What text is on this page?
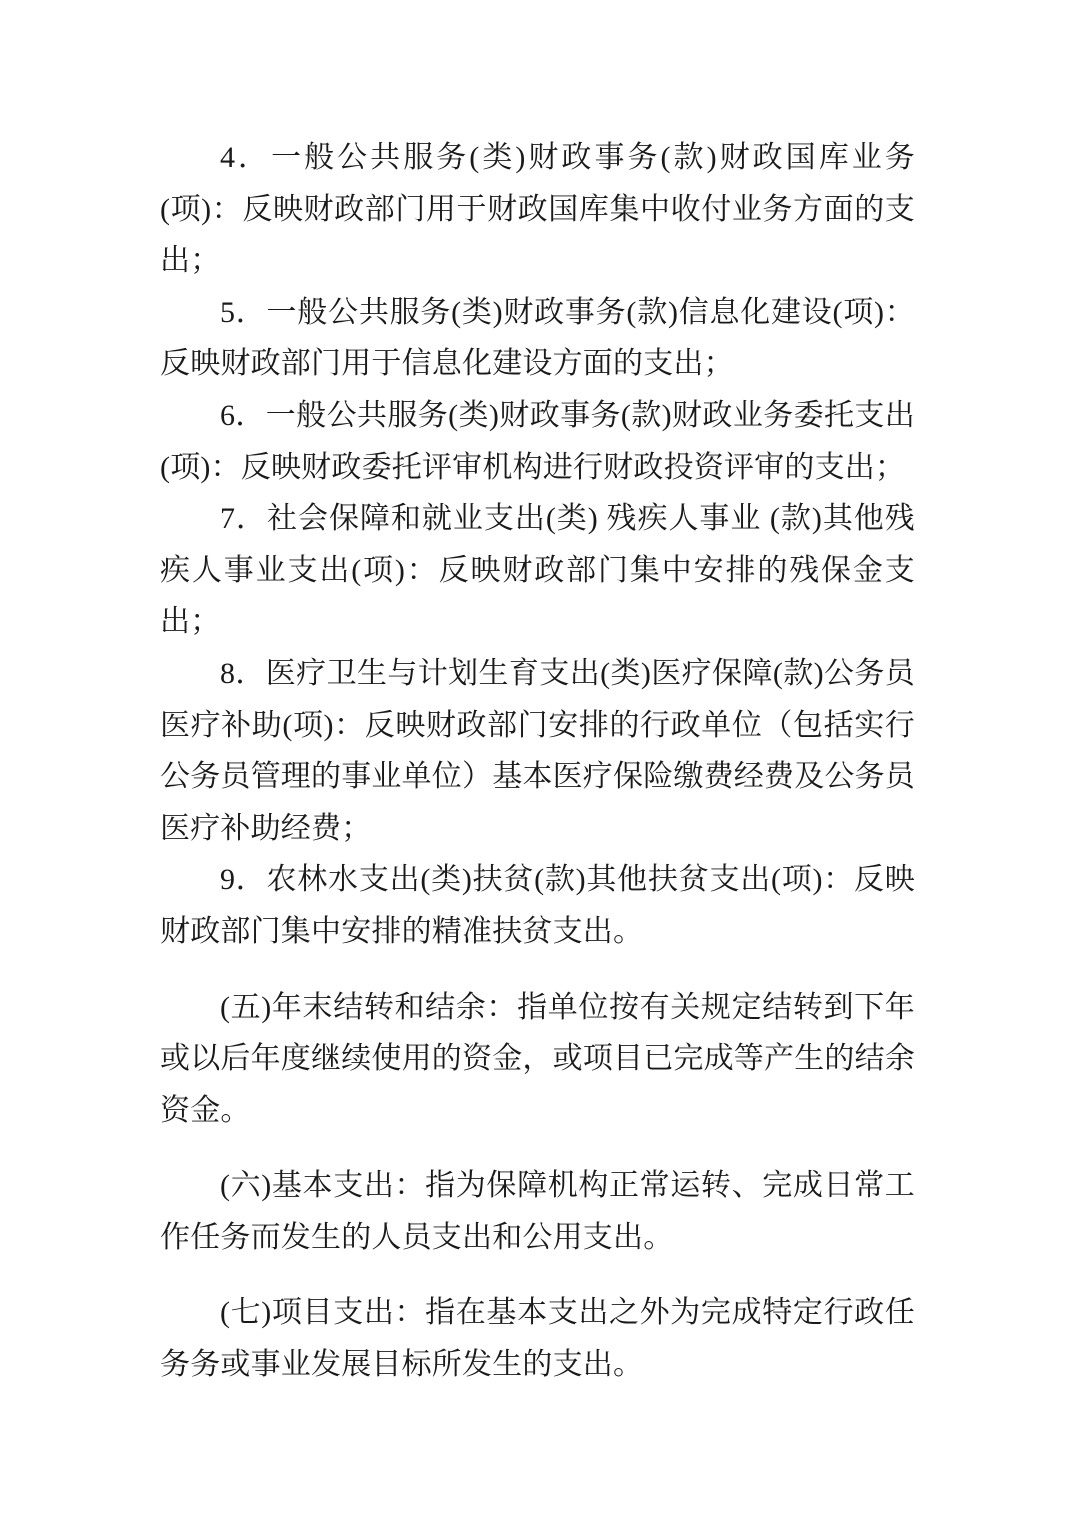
4．一般公共服务(类)财政事务(款)财政国库业务(项)：反映财政部门用于财政国库集中收付业务方面的支出；

5．一般公共服务(类)财政事务(款)信息化建设(项)：反映财政部门用于信息化建设方面的支出；

6．一般公共服务(类)财政事务(款)财政业务委托支出(项)：反映财政委托评审机构进行财政投资评审的支出；

7．社会保障和就业支出(类) 残疾人事业 (款)其他残疾人事业支出(项)：反映财政部门集中安排的残保金支出；

8．医疗卫生与计划生育支出(类)医疗保障(款)公务员医疗补助(项)：反映财政部门安排的行政单位（包括实行公务员管理的事业单位）基本医疗保险缴费经费及公务员医疗补助经费；

9．农林水支出(类)扶贫(款)其他扶贫支出(项)：反映财政部门集中安排的精准扶贫支出。

(五)年末结转和结余：指单位按有关规定结转到下年或以后年度继续使用的资金，或项目已完成等产生的结余资金。

(六)基本支出：指为保障机构正常运转、完成日常工作任务而发生的人员支出和公用支出。

(七)项目支出：指在基本支出之外为完成特定行政任务务或事业发展目标所发生的支出。
